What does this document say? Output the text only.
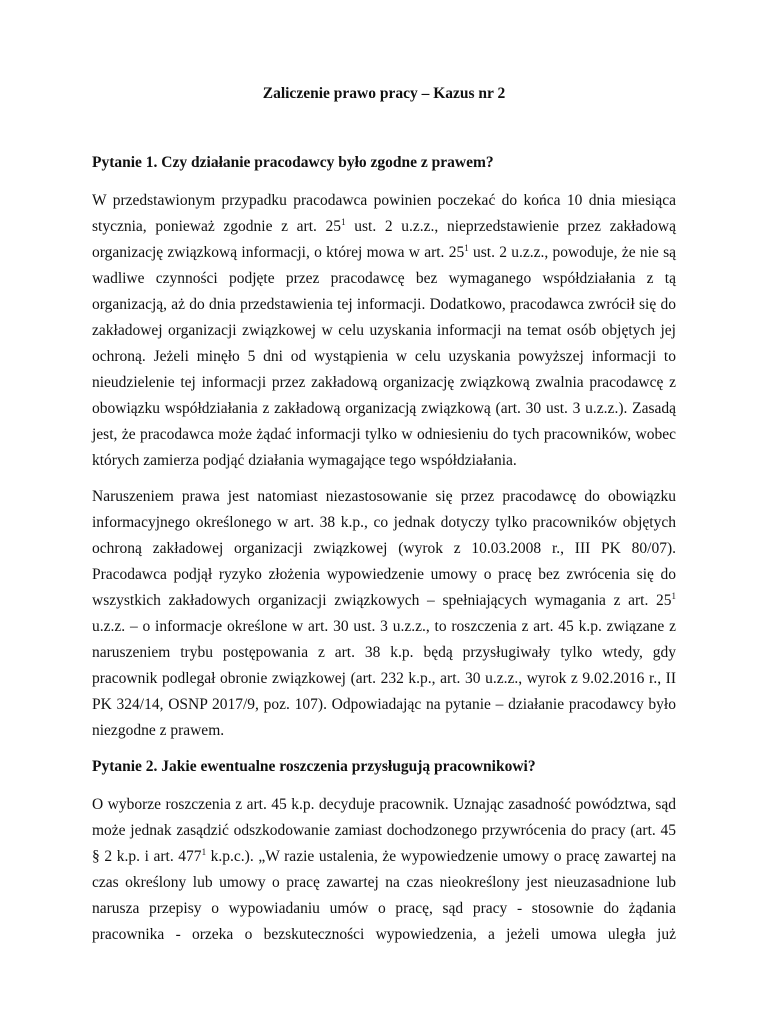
Zaliczenie prawo pracy – Kazus nr 2
Pytanie 1. Czy działanie pracodawcy było zgodne z prawem?
W przedstawionym przypadku pracodawca powinien poczekać do końca 10 dnia miesiąca
stycznia, ponieważ zgodnie z art. $25^1$ ust. 2 u.z.z., nieprzedstawienie przez zakładową
organizację związkową informacji, o której mowa w art. $25^1$ ust. 2 u.z.z., powoduje, że nie są
wadliwe czynności podjęte przez pracodawcę bez wymaganego współdziałania z tą
organizacją, aż do dnia przedstawienia tej informacji. Dodatkowo, pracodawca zwrócił się do
zakładowej organizacji związkowej w celu uzyskania informacji na temat osób objętych jej
ochroną. Jeżeli minęło 5 dni od wystąpienia w celu uzyskania powyższej informacji to
nieudzielenie tej informacji przez zakładową organizację związkową zwalnia pracodawcę z
obowiązku współdziałania z zakładową organizacją związkową (art. 30 ust. 3 u.z.z.). Zasadą
jest, że pracodawca może żądać informacji tylko w odniesieniu do tych pracowników, wobec
których zamierza podjąć działania wymagające tego współdziałania.
Naruszeniem prawa jest natomiast niezastosowanie się przez pracodawcę do obowiązku
informacyjnego określonego w art. 38 k.p., co jednak dotyczy tylko pracowników objętych
ochroną zakładowej organizacji związkowej (wyrok z 10.03.2008 r., III PK 80/07).
Pracodawca podjął ryzyko złożenia wypowiedzenie umowy o pracę bez zwrócenia się do
wszystkich zakładowych organizacji związkowych – spełniających wymagania z art. $25^1$
u.z.z. – o informacje określone w art. 30 ust. 3 u.z.z., to roszczenia z art. 45 k.p. związane z
naruszeniem trybu postępowania z art. 38 k.p. będą przysługiwały tylko wtedy, gdy
pracownik podlegał obronie związkowej (art. 232 k.p., art. 30 u.z.z., wyrok z 9.02.2016 r., II
PK 324/14, OSNP 2017/9, poz. 107). Odpowiadając na pytanie – działanie pracodawcy było
niezgodne z prawem.
Pytanie 2. Jakie ewentualne roszczenia przysługują pracownikowi?
O wyborze roszczenia z art. 45 k.p. decyduje pracownik. Uznając zasadność powództwa, sąd
może jednak zasądzić odszkodowanie zamiast dochodzonego przywrócenia do pracy (art. 45
§ 2 k.p. i art. $477^1$ k.p.c.). „W razie ustalenia, że wypowiedzenie umowy o pracę zawartej na
czas określony lub umowy o pracę zawartej na czas nieokreślony jest nieuzasadnione lub
narusza przepisy o wypowiadaniu umów o pracę, sąd pracy - stosownie do żądania
pracownika - orzeka o bezskuteczności wypowiedzenia, a jeżeli umowa uległa już
